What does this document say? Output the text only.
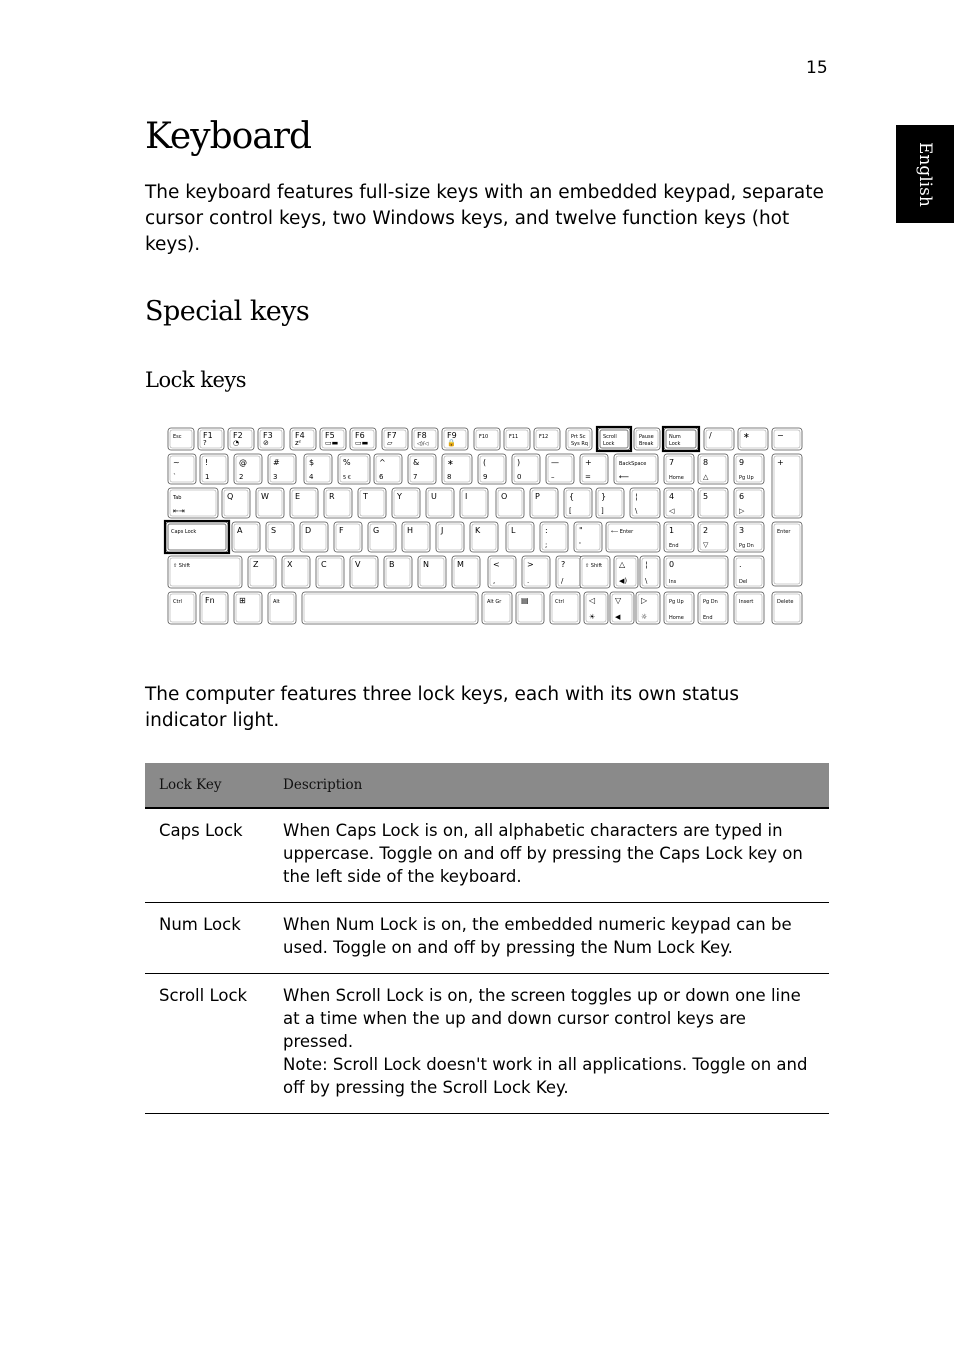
15
English
Keyboard

The keyboard features full-size keys with an embedded keypad, separate cursor control keys, two Windows keys, and twelve function keys (hot keys).

Special keys
Lock keys
Esc	F1
?
F2
◔
F3
⊘
F4
zᶻ
F5
▭▬
F6
▭▬
F7
▱
F8
◁)/◁
F9
🔒
F10	F11	F12	Prt Sc
Sys Rq
Scroll
Lock
Pause
Break
Num
Lock
/	∗	−
~
`
!
1
@
2
#
3
$
4
%
5 €
^
6
&
7
∗
8
(
9
)
0
—
–
+
=
BackSpace
⟵
7
Home
8
△
9
Pg Up
+
Tab
⇤⇥
Q	W	E	R	T	Y	U	I	O	P	{
[
}
]
¦
\
4
◁
5	6
▷
Caps Lock	A	S	D	F	G	H	J	K	L	:
;
"
'
⟵ Enter	1
End
2
▽
3
Pg Dn
Enter
⇧ Shift	Z	X	C	V	B	N	M	<
,
>
.
?
/
⇧ Shift △
◀)
¦
\
0
Ins
.
Del
Ctrl	Fn	⊞	Alt	Alt Gr ▤	Ctrl	◁
☀
▽
◀
▷
☼
Pg Up
Home
Pg Dn
End
Insert	Delete

The computer features three lock keys, each with its own status indicator light.

Lock Key	Description
Caps Lock	When Caps Lock is on, all alphabetic characters are typed in uppercase. Toggle on and off by pressing the Caps Lock key on the left side of the keyboard.
Num Lock	When Num Lock is on, the embedded numeric keypad can be used. Toggle on and off by pressing the Num Lock Key.
Scroll Lock	When Scroll Lock is on, the screen toggles up or down one line at a time when the up and down cursor control keys are pressed.
Note: Scroll Lock doesn't work in all applications. Toggle on and off by pressing the Scroll Lock Key.
